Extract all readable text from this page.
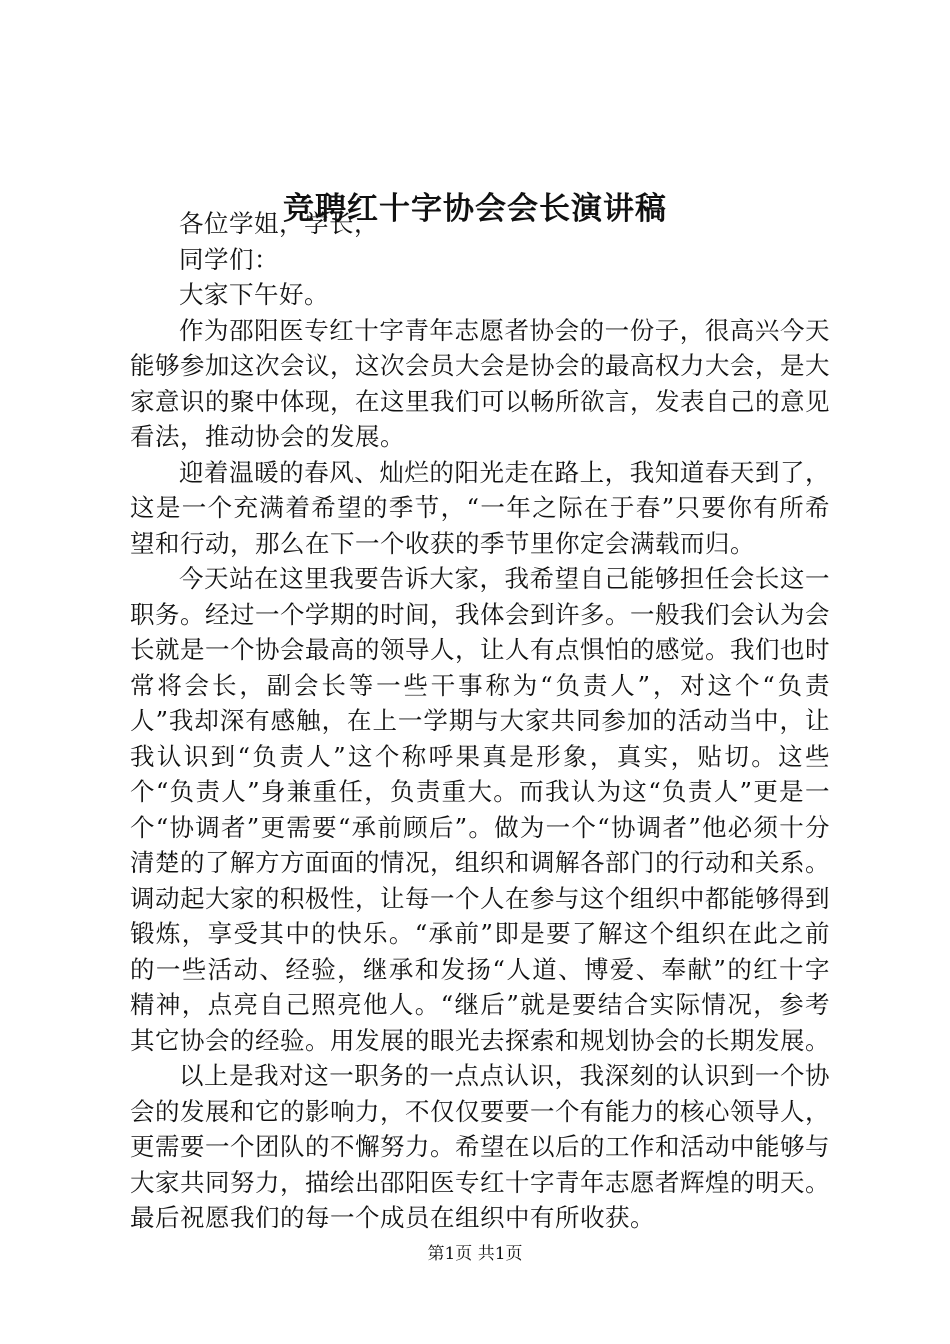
竞聘红十字协会会长演讲稿

各位学姐，学长，

同学们：

大家下午好。

作为邵阳医专红十字青年志愿者协会的一份子，很高兴今天能够参加这次会议，这次会员大会是协会的最高权力大会，是大家意识的聚中体现，在这里我们可以畅所欲言，发表自己的意见看法，推动协会的发展。

迎着温暖的春风、灿烂的阳光走在路上，我知道春天到了，这是一个充满着希望的季节，“一年之际在于春”只要你有所希望和行动，那么在下一个收获的季节里你定会满载而归。

今天站在这里我要告诉大家，我希望自己能够担任会长这一职务。经过一个学期的时间，我体会到许多。一般我们会认为会长就是一个协会最高的领导人，让人有点惧怕的感觉。我们也时常将会长，副会长等一些干事称为“负责人”，对这个“负责人”我却深有感触，在上一学期与大家共同参加的活动当中，让我认识到“负责人”这个称呼果真是形象，真实，贴切。这些个“负责人”身兼重任，负责重大。而我认为这“负责人”更是一个“协调者”更需要“承前顾后”。做为一个“协调者”他必须十分清楚的了解方方面面的情况，组织和调解各部门的行动和关系。调动起大家的积极性，让每一个人在参与这个组织中都能够得到锻炼，享受其中的快乐。“承前”即是要了解这个组织在此之前的一些活动、经验，继承和发扬“人道、博爱、奉献”的红十字精神，点亮自己照亮他人。“继后”就是要结合实际情况，参考其它协会的经验。用发展的眼光去探索和规划协会的长期发展。

以上是我对这一职务的一点点认识，我深刻的认识到一个协会的发展和它的影响力，不仅仅要要一个有能力的核心领导人，更需要一个团队的不懈努力。希望在以后的工作和活动中能够与大家共同努力，描绘出邵阳医专红十字青年志愿者辉煌的明天。最后祝愿我们的每一个成员在组织中有所收获。

第1页 共1页
